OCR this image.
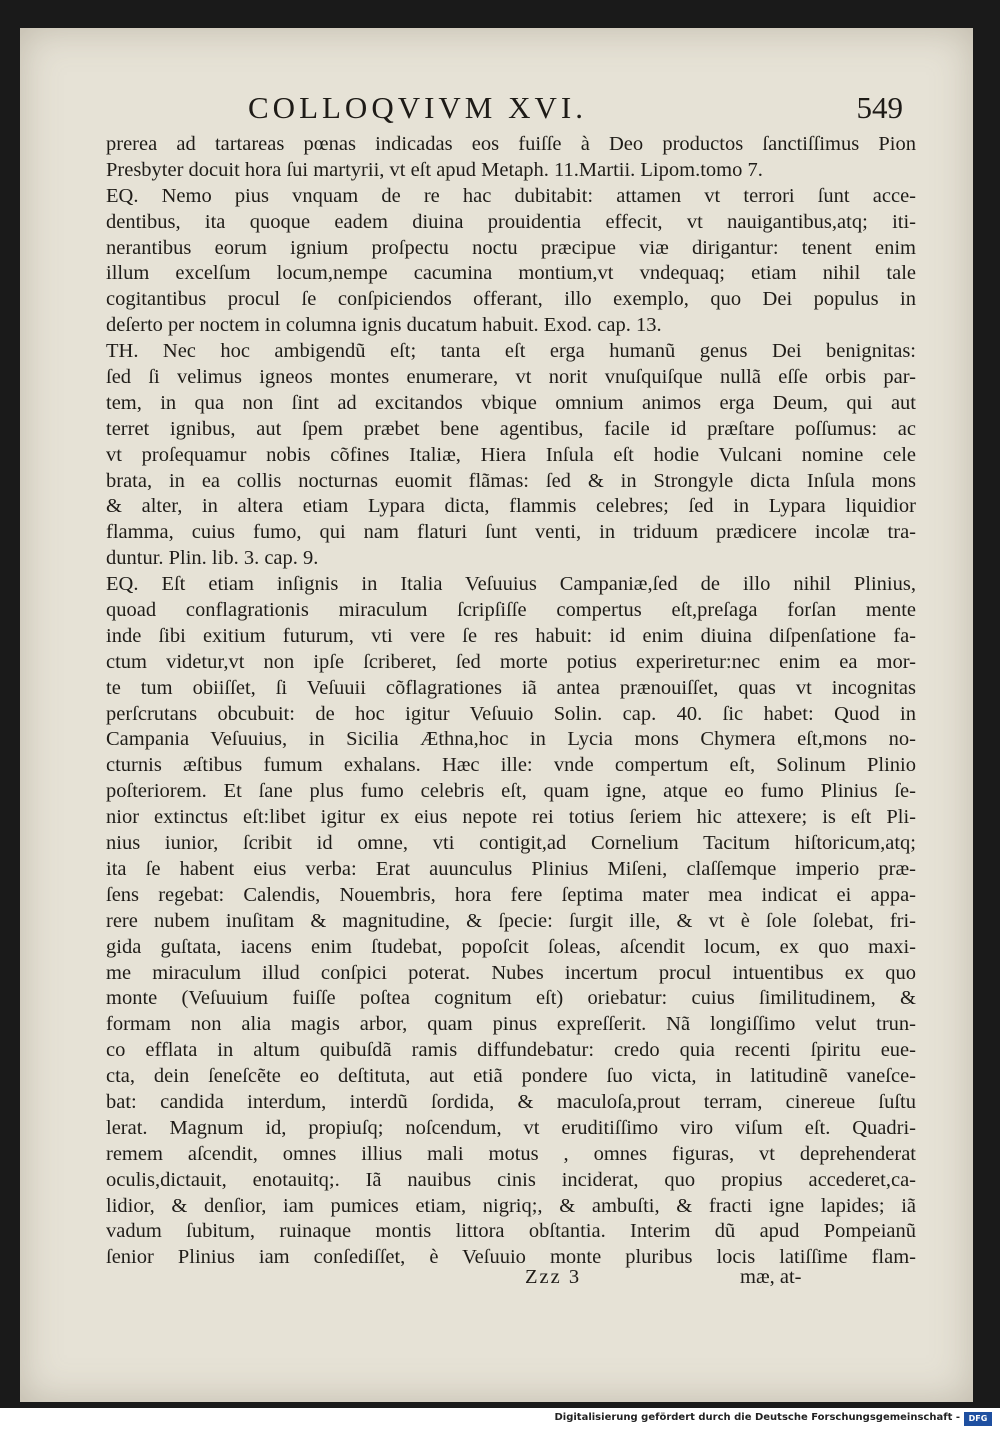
COLLOQVIVM XVI.	549
prerea ad tartareas pœnas indicadas eos fuiſſe à Deo productos ſanctiſſimus Pion
Presbyter docuit hora ſui martyrii, vt eſt apud Metaph. 11.Martii. Lipom.tomo 7.
EQ. Nemo pius vnquam de re hac dubitabit: attamen vt terrori ſunt acce-
dentibus, ita quoque eadem diuina prouidentia effecit, vt nauigantibus,atq; iti-
nerantibus eorum ignium proſpectu noctu præcipue viæ dirigantur: tenent enim
illum excelſum locum,nempe cacumina montium,vt vndequaq; etiam nihil tale
cogitantibus procul ſe conſpiciendos offerant, illo exemplo, quo Dei populus in
deſerto per noctem in columna ignis ducatum habuit. Exod. cap. 13.
TH. Nec hoc ambigendũ eſt; tanta eſt erga humanũ genus Dei benignitas:
ſed ſi velimus igneos montes enumerare, vt norit vnuſquiſque nullã eſſe orbis par-
tem, in qua non ſint ad excitandos vbique omnium animos erga Deum, qui aut
terret ignibus, aut ſpem præbet bene agentibus, facile id præſtare poſſumus: ac
vt proſequamur nobis cõfines Italiæ, Hiera Inſula eſt hodie Vulcani nomine cele
brata, in ea collis nocturnas euomit flãmas: ſed & in Strongyle dicta Inſula mons
& alter, in altera etiam Lypara dicta, flammis celebres; ſed in Lypara liquidior
flamma, cuius fumo, qui nam flaturi ſunt venti, in triduum prædicere incolæ tra-
duntur. Plin. lib. 3. cap. 9.
EQ. Eſt etiam inſignis in Italia Veſuuius Campaniæ,ſed de illo nihil Plinius,
quoad conflagrationis miraculum ſcripſiſſe compertus eſt,preſaga forſan mente
inde ſibi exitium futurum, vti vere ſe res habuit: id enim diuina diſpenſatione fa-
ctum videtur,vt non ipſe ſcriberet, ſed morte potius experiretur:nec enim ea mor-
te tum obiiſſet, ſi Veſuuii cõflagrationes iã antea prænouiſſet, quas vt incognitas
perſcrutans obcubuit: de hoc igitur Veſuuio Solin. cap. 40. ſic habet: Quod in
Campania Veſuuius, in Sicilia Æthna,hoc in Lycia mons Chymera eſt,mons no-
cturnis æſtibus fumum exhalans. Hæc ille: vnde compertum eſt, Solinum Plinio
poſteriorem. Et ſane plus fumo celebris eſt, quam igne, atque eo fumo Plinius ſe-
nior extinctus eſt:libet igitur ex eius nepote rei totius ſeriem hic attexere; is eſt Pli-
nius iunior, ſcribit id omne, vti contigit,ad Cornelium Tacitum hiſtoricum,atq;
ita ſe habent eius verba: Erat auunculus Plinius Miſeni, claſſemque imperio præ-
ſens regebat: Calendis, Nouembris, hora fere ſeptima mater mea indicat ei appa-
rere nubem inuſitam & magnitudine, & ſpecie: ſurgit ille, & vt è ſole ſolebat, fri-
gida guſtata, iacens enim ſtudebat, popoſcit ſoleas, aſcendit locum, ex quo maxi-
me miraculum illud conſpici poterat. Nubes incertum procul intuentibus ex quo
monte (Veſuuium fuiſſe poſtea cognitum eſt) oriebatur: cuius ſimilitudinem, &
formam non alia magis arbor, quam pinus expreſſerit. Nã longiſſimo velut trun-
co efflata in altum quibuſdã ramis diffundebatur: credo quia recenti ſpiritu eue-
cta, dein ſeneſcẽte eo deſtituta, aut etiã pondere ſuo victa, in latitudinẽ vaneſce-
bat: candida interdum, interdũ ſordida, & maculoſa,prout terram, cinereue ſuſtu
lerat. Magnum id, propiuſq; noſcendum, vt eruditiſſimo viro viſum eſt. Quadri-
remem aſcendit, omnes illius mali motus , omnes figuras, vt deprehenderat
oculis,dictauit, enotauitq;. Iã nauibus cinis inciderat, quo propius accederet,ca-
lidior, & denſior, iam pumices etiam, nigriq;, & ambuſti, & fracti igne lapides; iã
vadum ſubitum, ruinaque montis littora obſtantia. Interim dũ apud Pompeianũ
ſenior Plinius iam conſediſſet, è Veſuuio monte pluribus locis latiſſime flam-
Zzz 3	mæ, at-
Digitalisierung gefördert durch die Deutsche Forschungsgemeinschaft -	DFG
